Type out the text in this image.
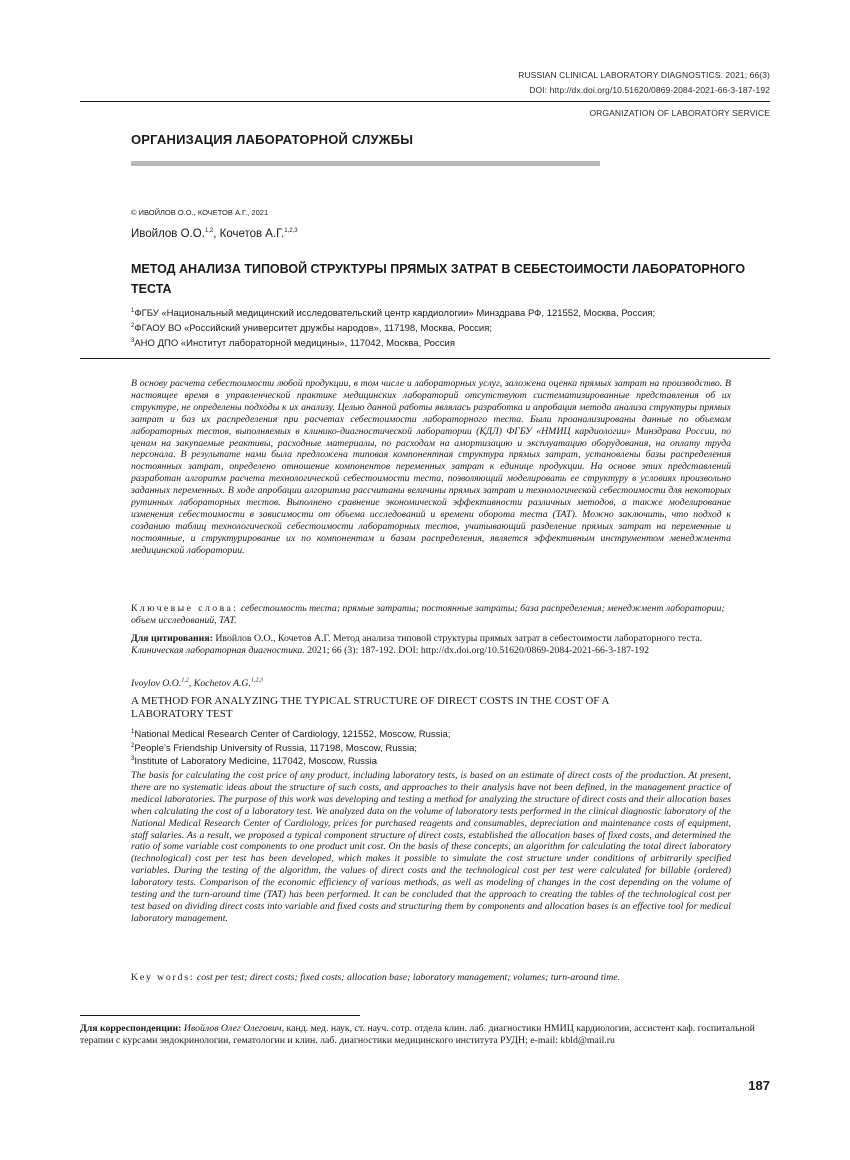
RUSSIAN CLINICAL LABORATORY DIAGNOSTICS. 2021; 66(3)
DOI: http://dx.doi.org/10.51620/0869-2084-2021-66-3-187-192
ORGANIZATION OF LABORATORY SERVICE
ОРГАНИЗАЦИЯ ЛАБОРАТОРНОЙ СЛУЖБЫ
© ИВОЙЛОВ О.О., КОЧЕТОВ А.Г., 2021
Ивойлов О.О.$^{1,2}$, Кочетов А.Г.$^{1,2,3}$
МЕТОД АНАЛИЗА ТИПОВОЙ СТРУКТУРЫ ПРЯМЫХ ЗАТРАТ В СЕБЕСТОИМОСТИ ЛАБОРАТОРНОГО ТЕСТА
$^1$ФГБУ «Национальный медицинский исследовательский центр кардиологии» Минздрава РФ, 121552, Москва, Россия;
$^2$ФГАОУ ВО «Российский университет дружбы народов», 117198, Москва, Россия;
$^3$АНО ДПО «Институт лабораторной медицины», 117042, Москва, Россия
В основу расчета себестоимости любой продукции, в том числе и лабораторных услуг, заложена оценка прямых затрат на производство. В настоящее время в управленческой практике медицинских лабораторий отсутствуют систематизированные представления об их структуре, не определены подходы к их анализу. Целью данной работы являлась разработка и апробация метода анализа структуры прямых затрат и баз их распределения при расчетах себестоимости лабораторного теста. Были проанализированы данные по объемам лабораторных тестов, выполняемых в клинико-диагностической лаборатории (КДЛ) ФГБУ «НМИЦ кардиологии» Минздрава России, по ценам на закупаемые реактивы, расходные материалы, по расходам на амортизацию и эксплуатацию оборудования, на оплату труда персонала. В результате нами была предложена типовая компонентная структура прямых затрат, установлены базы распределения постоянных затрат, определено отношение компонентов переменных затрат к единице продукции. На основе этих представлений разработан алгоритм расчета технологической себестоимости теста, позволяющий моделировать ее структуру в условиях произвольно заданных переменных. В ходе апробации алгоритма рассчитаны величины прямых затрат и технологической себестоимости для некоторых рутинных лабораторных тестов. Выполнено сравнение экономической эффективности различных методов, а также моделирование изменения себестоимости в зависимости от объема исследований и времени оборота теста (TAT). Можно заключить, что подход к созданию таблиц технологической себестоимости лабораторных тестов, учитывающий разделение прямых затрат на переменные и постоянные, и структурирование их по компонентам и базам распределения, является эффективным инструментом менеджмента медицинской лаборатории.
Ключевые слова: себестоимость теста; прямые затраты; постоянные затраты; база распределения; менеджмент лаборатории; объем исследований, TAT.
Для цитирования: Ивойлов О.О., Кочетов А.Г. Метод анализа типовой структуры прямых затрат в себестоимости лабораторного теста. Клиническая лабораторная диагностика. 2021; 66 (3): 187-192. DOI: http://dx.doi.org/10.51620/0869-2084-2021-66-3-187-192
Ivoylov O.O.$^{1,2}$, Kochetov A.G.$^{1,2,3}$
A METHOD FOR ANALYZING THE TYPICAL STRUCTURE OF DIRECT COSTS IN THE COST OF A LABORATORY TEST
$^1$National Medical Research Center of Cardiology, 121552, Moscow, Russia;
$^2$People’s Friendship University of Russia, 117198, Moscow, Russia;
$^3$Institute of Laboratory Medicine, 117042, Moscow, Russia
The basis for calculating the cost price of any product, including laboratory tests, is based on an estimate of direct costs of the production. At present, there are no systematic ideas about the structure of such costs, and approaches to their analysis have not been defined, in the management practice of medical laboratories. The purpose of this work was developing and testing a method for analyzing the structure of direct costs and their allocation bases when calculating the cost of a laboratory test. We analyzed data on the volume of laboratory tests performed in the clinical diagnostic laboratory of the National Medical Research Center of Cardiology, prices for purchased reagents and consumables, depreciation and maintenance costs of equipment, staff salaries. As a result, we proposed a typical component structure of direct costs, established the allocation bases of fixed costs, and determined the ratio of some variable cost components to one product unit cost. On the basis of these concepts, an algorithm for calculating the total direct laboratory (technological) cost per test has been developed, which makes it possible to simulate the cost structure under conditions of arbitrarily specified variables. During the testing of the algorithm, the values of direct costs and the technological cost per test were calculated for billable (ordered) laboratory tests. Comparison of the economic efficiency of various methods, as well as modeling of changes in the cost depending on the volume of testing and the turn-around time (TAT) has been performed. It can be concluded that the approach to creating the tables of the technological cost per test based on dividing direct costs into variable and fixed costs and structuring them by components and allocation bases is an effective tool for medical laboratory management.
Key words: cost per test; direct costs; fixed costs; allocation base; laboratory management; volumes; turn-around time.
Для корреспонденции: Ивойлов Олег Олегович, канд. мед. наук, ст. науч. сотр. отдела клин. лаб. диагностики НМИЦ кардиологии, ассистент каф. госпитальной терапии с курсами эндокринологии, гематологии и клин. лаб. диагностики медицинского института РУДН; e-mail: kbld@mail.ru
187
